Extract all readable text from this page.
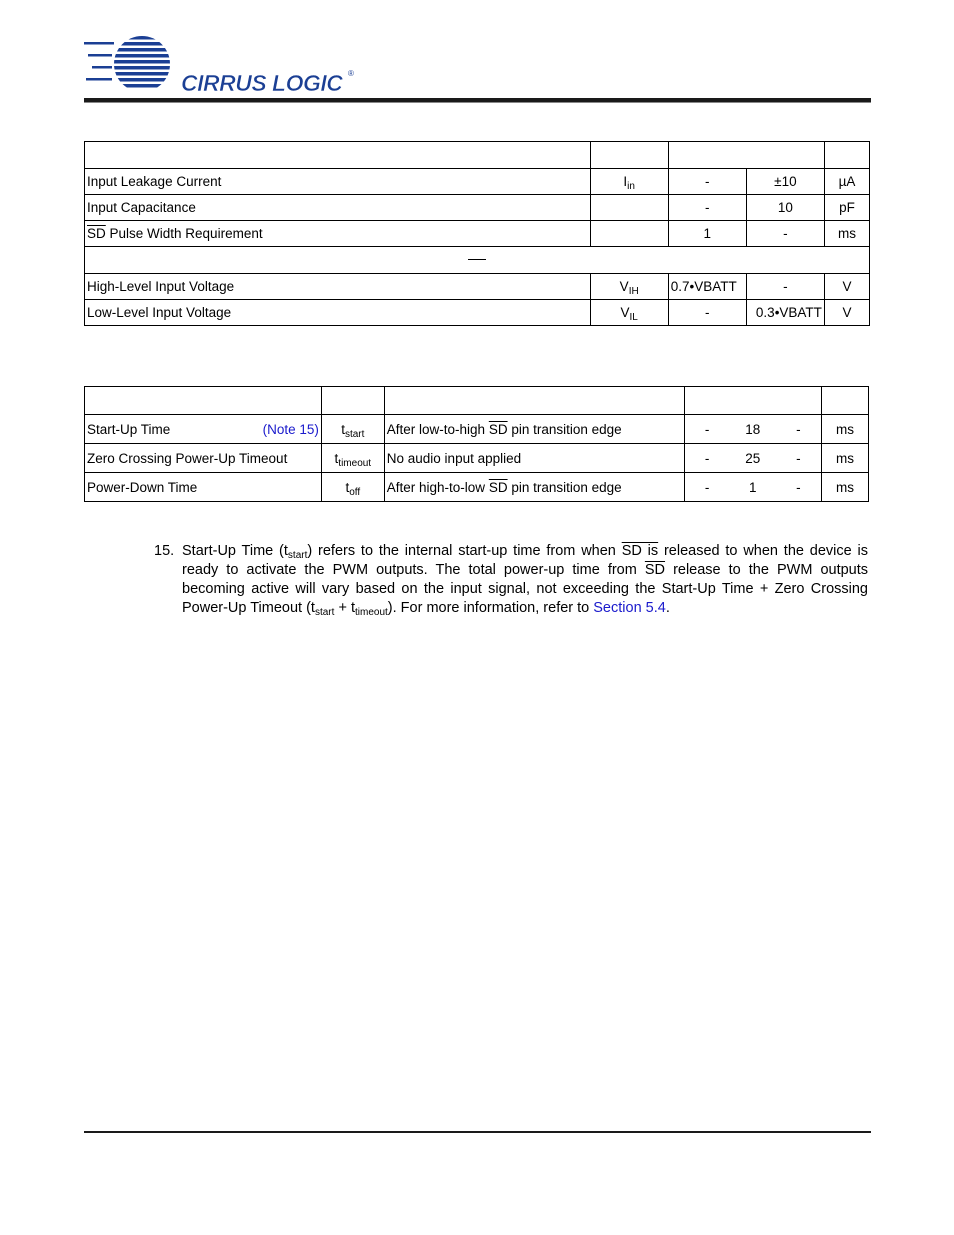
CIRRUS LOGIC ®

Input Leakage Current	$I_{in}$	-	±10	µA
Input Capacitance		-	10	pF
$\overline{SD}$ Pulse Width Requirement		1	-	ms

High-Level Input Voltage	$V_{IH}$	0.7•VBATT	-	V
Low-Level Input Voltage	$V_{IL}$	-	0.3•VBATT	V

Start-Up Time (Note 15)	$t_{start}$	After low-to-high $\overline{SD}$ pin transition edge	-	18	-	ms
Zero Crossing Power-Up Timeout	$t_{timeout}$	No audio input applied	-	25	-	ms
Power-Down Time	$t_{off}$	After high-to-low $\overline{SD}$ pin transition edge	-	1	-	ms
15. Start-Up Time $(t_{start})$ refers to the internal start-up time from when SD is released to when the device is ready to activate the PWM outputs. The total power-up time from $\overline{SD}$ release to the PWM outputs becoming active will vary based on the input signal, not exceeding the Start-Up Time + Zero Crossing Power-Up Timeout $(t_{start} + t_{timeout})$. For more information, refer to Section 5.4.
